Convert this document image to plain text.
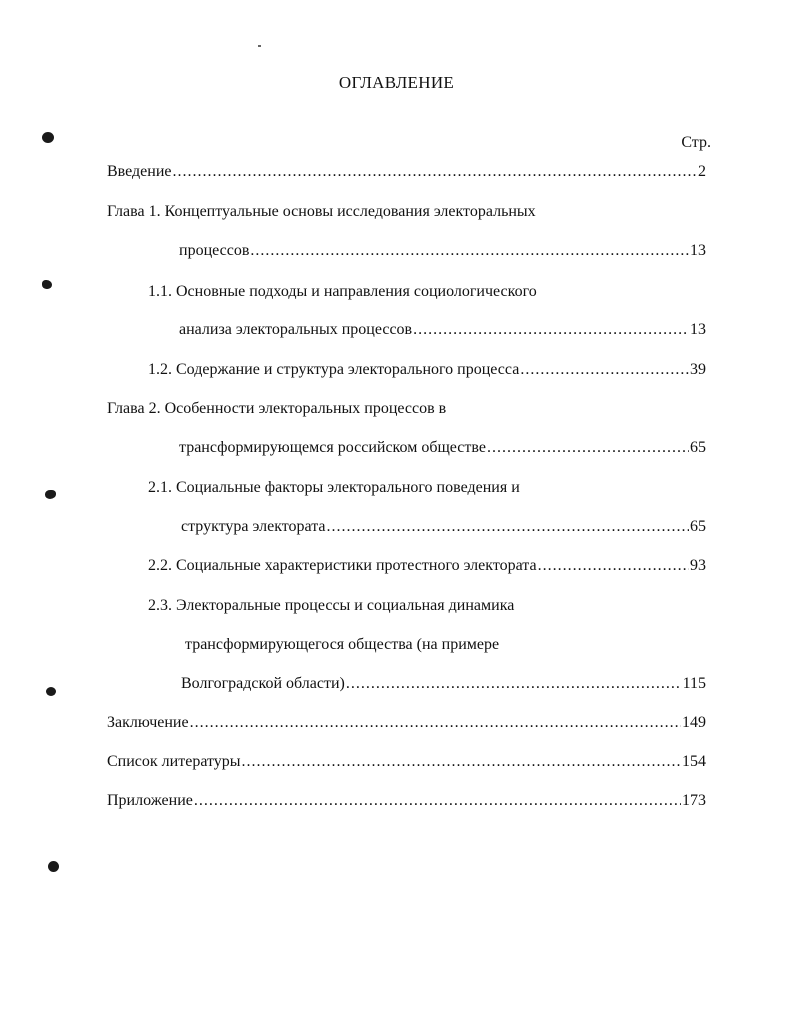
ОГЛАВЛЕНИЕ
Стр.
Введение .....	2
Глава 1. Концептуальные основы исследования электоральных
процессов .....	13
1.1. Основные подходы и направления социологического
анализа электоральных процессов .....	13
1.2. Содержание и структура электорального процесса .....	39
Глава 2. Особенности электоральных процессов в
трансформирующемся российском обществе .....	65
2.1. Социальные факторы электорального поведения и
структура электората .....	65
2.2. Социальные характеристики протестного электората .....	93
2.3. Электоральные процессы и социальная динамика
трансформирующегося общества (на примере
Волгоградской области) .....	115
Заключение .....	149
Список литературы .....	154
Приложение .....	173
